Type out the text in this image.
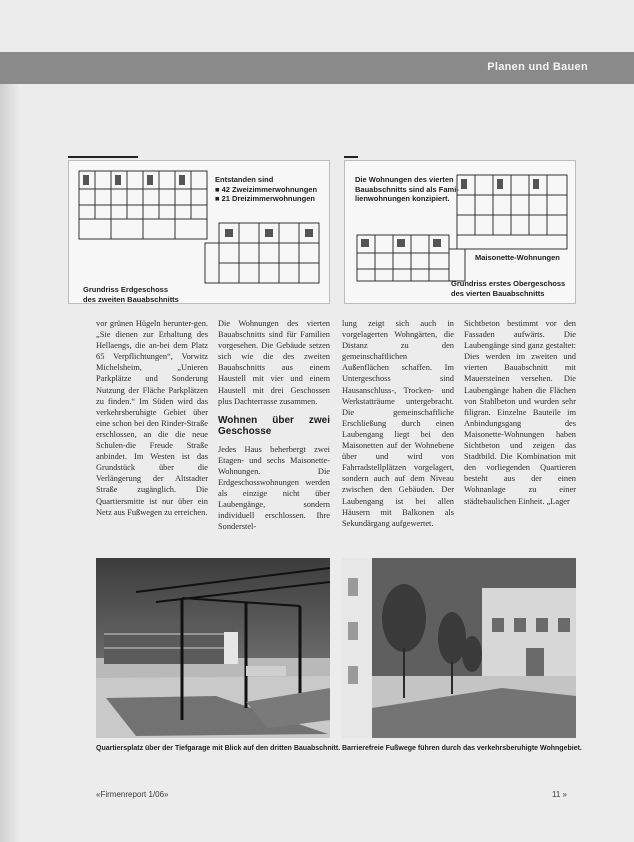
Planen und Bauen
Entstanden sind
■ 42 Zweizimmerwohnungen
■ 21 Dreizimmerwohnungen
Grundriss Erdgeschoss
des zweiten Bauabschnitts
Die Wohnungen des vierten
Bauabschnitts sind als Fami-
lienwohnungen konzipiert.
Maisonette-Wohnungen
Grundriss erstes Obergeschoss
des vierten Bauabschnitts

vor grünen Hügeln herunter-gen. „Sie dienen zur Erhaltung des Hellaengs, die an-bei dem Platz 65 Verpflichtungen“, Vorwitz Michelsheim, „Unieren Parkplätze und Sonderung Nutzung der Fläche Parkplätzen zu finden.“ Im Süden wird das verkehrsberuhigte Gebiet über eine schon bei den Rinder-Straße erschlossen, an die die neue Schulen-die Freude Straße anbindet. Im Westen ist das Grundstück über die Verlängerung der Altstadter Straße zugänglich. Die Quartiersmitte ist nur über ein Netz aus Fußwegen zu erreichen.

Die Wohnungen des vierten Bauabschnitts sind für Familien vorgesehen. Die Gebäude setzen sich wie die des zweiten Bauabschnitts aus einem Haustell mit vier und einem Haustell mit drei Geschossen plus Dachterrasse zusammen.

Wohnen über zwei Geschosse

Jedes Haus beherbergt zwei Etagen- und sechs Maisonette-Wohnungen. Die Erdgeschosswohnungen werden als einzige nicht über Laubengänge, sondern individuell erschlossen. Ihre Sonderstel-

lung zeigt sich auch in vorgelagerten Wohngärten, die Distanz zu den gemeinschaftlichen Außenflächen schaffen. Im Untergeschoss sind Hausanschluss-, Trocken- und Werkstatträume untergebracht. Die gemeinschaftliche Erschließung durch einen Laubengang liegt bei den Maisonetten auf der Wohnebene über und wird von Fahrradstellplätzen vorgelagert, sondern auch auf dem Niveau zwischen den Gebäuden. Der Laubengang ist bei allen Häusern mit Balkonen als Sekundärgang aufgewertet.

Sichtbeton bestimmt vor den Fassaden aufwärts. Die Laubengänge sind ganz gestaltet: Dies werden im zweiten und vierten Bauabschnitt mit Mauersteinen versehen. Die Laubengänge haben die Flächen von Stahlbeton und wurden sehr filigran. Einzelne Bauteile im Anbindungsgang des Maisonette-Wohnungen haben Sichtbeton und zeigen das Stadtbild. Die Kombination mit den vorliegenden Quartieren besteht aus der einen Wohnanlage zu einer städtebaulichen Einheit. „Lager

Quartiersplatz über der Tiefgarage mit Blick auf den dritten Bauabschnitt. Barrierefreie Fußwege führen durch das verkehrsberuhigte Wohngebiet.
«Firmenreport 1/06»	11 »
